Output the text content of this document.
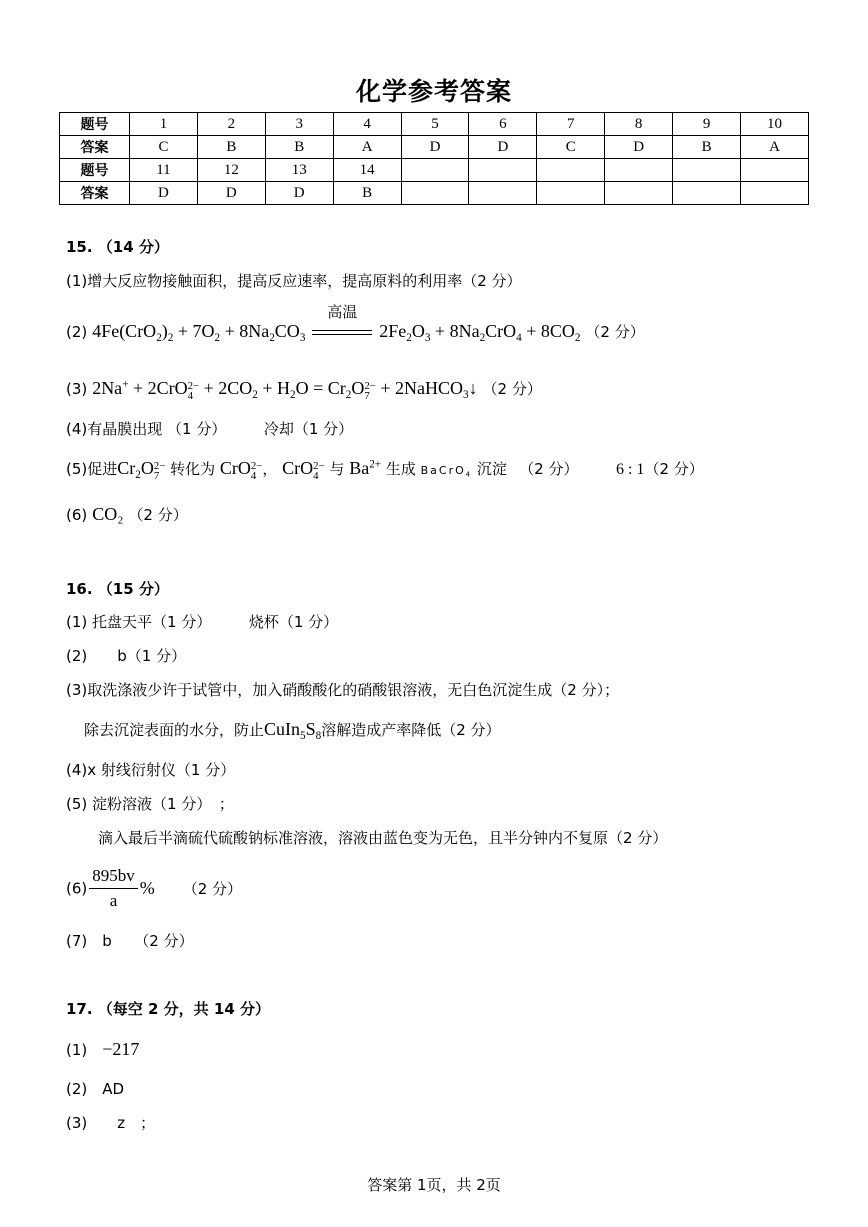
化学参考答案
题号	1	2	3	4	5	6	7	8	9	10
答案	C	B	B	A	D	D	C	D	B	A
题号	11	12	13	14						
答案	D	D	D	B						
15. （14 分）
(1)增大反应物接触面积，提高反应速率，提高原料的利用率（2 分）
(2) $4Fe(CrO_2)_2 + 7O_2 + 8Na_2CO_3$
高温
$2Fe_2O_3 + 8Na_2CrO_4 + 8CO_2$ （2 分）
(3) 2Na+ + 2CrO 2−
$4 + 2CO_2 + H_2O = Cr_2O$ 2−
7 + 2NaHCO$_3$↓ （2 分）
(4)有晶膜出现 （1 分）　　　冷却（1 分）
(5)促进$Cr_2O$ 2−
7 转化为 CrO 2−
4 ， CrO 2−
4 与 $Ba^{2+}$ 生成 BaCrO$_4$ 沉淀 　（2 分）　　　6 : 1（2 分）
(6) CO₂ （2 分）
16. （15 分）
(1) 托盘天平（1 分）　　　烧杯（1 分）
(2)　　b（1 分）
(3)取洗涤液少许于试管中，加入硝酸酸化的硝酸银溶液，无白色沉淀生成（2 分）；
除去沉淀表面的水分，防止$CuIn_5S_8$溶解造成产率降低（2 分）
(4)x 射线衍射仪（1 分）
(5) 淀粉溶液（1 分）　；
滴入最后半滴硫代硫酸钠标准溶液，溶液由蓝色变为无色，且半分钟内不复原（2 分）
$(6) \frac{895bv}{a}$ % （2 分）
(7)　b　　（2 分）
17. （每空 2 分，共 14 分）
(1) −217
(2)　AD
(3)　　z　；
答案第 1页，共 2页
